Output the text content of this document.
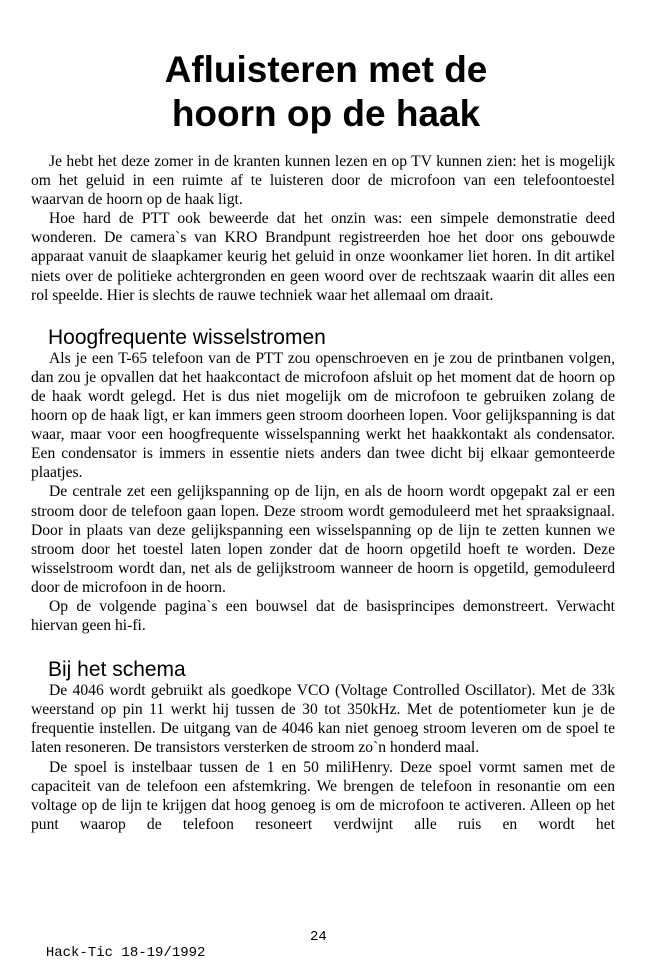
Afluisteren met de
hoorn op de haak

Je hebt het deze zomer in de kranten kunnen lezen en op TV kunnen zien: het is mogelijk om het geluid in een ruimte af te luisteren door de microfoon van een telefoontoestel waarvan de hoorn op de haak ligt.

Hoe hard de PTT ook beweerde dat het onzin was: een simpele demonstratie deed wonderen. De camera`s van KRO Brandpunt registreerden hoe het door ons gebouwde apparaat vanuit de slaapkamer keurig het geluid in onze woonkamer liet horen. In dit artikel niets over de politieke achtergronden en geen woord over de rechtszaak waarin dit alles een rol speelde. Hier is slechts de rauwe techniek waar het allemaal om draait.

Hoogfrequente wisselstromen

Als je een T-65 telefoon van de PTT zou openschroeven en je zou de printbanen volgen, dan zou je opvallen dat het haakcontact de microfoon afsluit op het moment dat de hoorn op de haak wordt gelegd. Het is dus niet mogelijk om de microfoon te gebruiken zolang de hoorn op de haak ligt, er kan immers geen stroom doorheen lopen. Voor gelijkspanning is dat waar, maar voor een hoogfrequente wisselspanning werkt het haakkontakt als condensator. Een condensator is immers in essentie niets anders dan twee dicht bij elkaar gemonteerde plaatjes.

De centrale zet een gelijkspanning op de lijn, en als de hoorn wordt opgepakt zal er een stroom door de telefoon gaan lopen. Deze stroom wordt gemoduleerd met het spraaksignaal. Door in plaats van deze gelijkspanning een wisselspanning op de lijn te zetten kunnen we stroom door het toestel laten lopen zonder dat de hoorn opgetild hoeft te worden. Deze wisselstroom wordt dan, net als de gelijkstroom wanneer de hoorn is opgetild, gemoduleerd door de microfoon in de hoorn.

Op de volgende pagina`s een bouwsel dat de basisprincipes demonstreert. Verwacht hiervan geen hi-fi.

Bij het schema

De 4046 wordt gebruikt als goedkope VCO (Voltage Controlled Oscillator). Met de 33k weerstand op pin 11 werkt hij tussen de 30 tot 350kHz. Met de potentiometer kun je de frequentie instellen. De uitgang van de 4046 kan niet genoeg stroom leveren om de spoel te laten resoneren. De transistors versterken de stroom zo`n honderd maal.

De spoel is instelbaar tussen de 1 en 50 miliHenry. Deze spoel vormt samen met de capaciteit van de telefoon een afstemkring. We brengen de telefoon in resonantie om een voltage op de lijn te krijgen dat hoog genoeg is om de microfoon te activeren. Alleen op het punt waarop de telefoon resoneert verdwijnt alle ruis en wordt het

Hack-Tic 18-19/1992

24
